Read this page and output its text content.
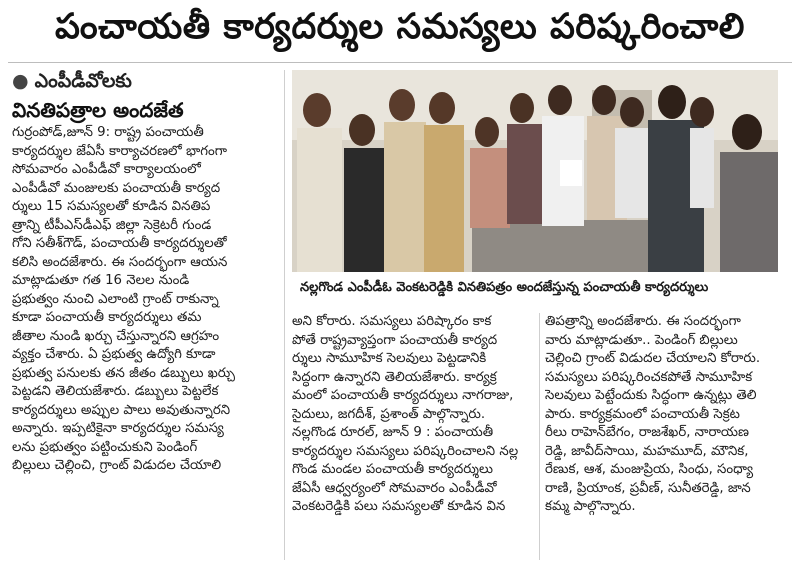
పంచాయతీ కార్యదర్శుల సమస్యలు పరిష్కరించాలి
● ఎంపీడీవోలకు
వినతిపత్రాల అందజేత
గుర్రంపోడ్,జూన్ 9: రాష్ట్ర పంచాయతీ
కార్యదర్శుల జేఏసీ కార్యాచరణలో భాగంగా
సోమవారం ఎంపీడీవో కార్యాలయంలో
ఎంపీడీవో మంజులకు పంచాయతీ కార్యద
ర్శులు 15 సమస్యలతో కూడిన వినతిప
త్రాన్ని టీపీఎస్‌డీఎఫ్ జిల్లా సెక్రెటరీ గుండ
గోని సతీశ్‌గౌడ్, పంచాయతీ కార్యదర్శులతో
కలిసి అందజేశారు. ఈ సందర్భంగా ఆయన
మాట్లాడుతూ గత 16 నెలల నుండి
ప్రభుత్వం నుంచి ఎలాంటి గ్రాంట్ రాకున్నా
కూడా పంచాయతీ కార్యదర్శులు తమ
జీతాల నుండి ఖర్చు చేస్తున్నారని ఆగ్రహం
వ్యక్తం చేశారు. ఏ ప్రభుత్వ ఉద్యోగి కూడా
ప్రభుత్వ పనులకు తన జీతం డబ్బులు ఖర్చు
పెట్టడని తెలియజేశారు. డబ్బులు పెట్టలేక
కార్యదర్శులు అప్పుల పాలు అవుతున్నారని
అన్నారు. ఇప్పటికైనా కార్యదర్శుల సమస్య
లను ప్రభుత్వం పట్టించుకుని పెండింగ్
బిల్లులు చెల్లించి, గ్రాంట్ విడుదల చేయాలి
నల్లగొండ ఎంపీడీఓ వెంకటరెడ్డికి వినతిపత్రం అందజేస్తున్న పంచాయతీ కార్యదర్శులు
అని కోరారు. సమస్యలు పరిష్కారం కాక
పోతే రాష్ట్రవ్యాప్తంగా పంచాయతీ కార్యద
ర్శులు సామూహిక సెలవులు పెట్టడానికి
సిద్ధంగా ఉన్నారని తెలియజేశారు. కార్యక్ర
మంలో పంచాయతీ కార్యదర్శులు నాగరాజు,
సైదులు, జగదీశ్, ప్రశాంత్ పాల్గొన్నారు.
నల్లగొండ రూరల్, జూన్ 9 : పంచాయతీ
కార్యదర్శుల సమస్యలు పరిష్కరించాలని నల్ల
గొండ మండల పంచాయతీ కార్యదర్శులు
జేఏసీ ఆధ్వర్యంలో సోమవారం ఎంపీడీవో
వెంకటరెడ్డికి పలు సమస్యలతో కూడిన విన
తిపత్రాన్ని అందజేశారు. ఈ సందర్భంగా
వారు మాట్లాడుతూ.. పెండింగ్ బిల్లులు
చెల్లించి గ్రాంట్ విడుదల చేయాలని కోరారు.
సమస్యలు పరిష్కరించకపోతే సామూహిక
సెలవులు పెట్టేందుకు సిద్ధంగా ఉన్నట్లు తెలి
పారు. కార్యక్రమంలో పంచాయతీ సెక్రట
రీలు రాహెన్‌బేగం, రాజశేఖర్, నారాయణ
రెడ్డి, జావీద్‌సాయి, మహమూద్, మౌనిక,
రేణుక, ఆశ, మంజుప్రియ, సింధు, సంధ్యా
రాణి, ప్రియాంక, ప్రవీణ్, సునీతరెడ్డి, జాన
కమ్మ పాల్గొన్నారు.
